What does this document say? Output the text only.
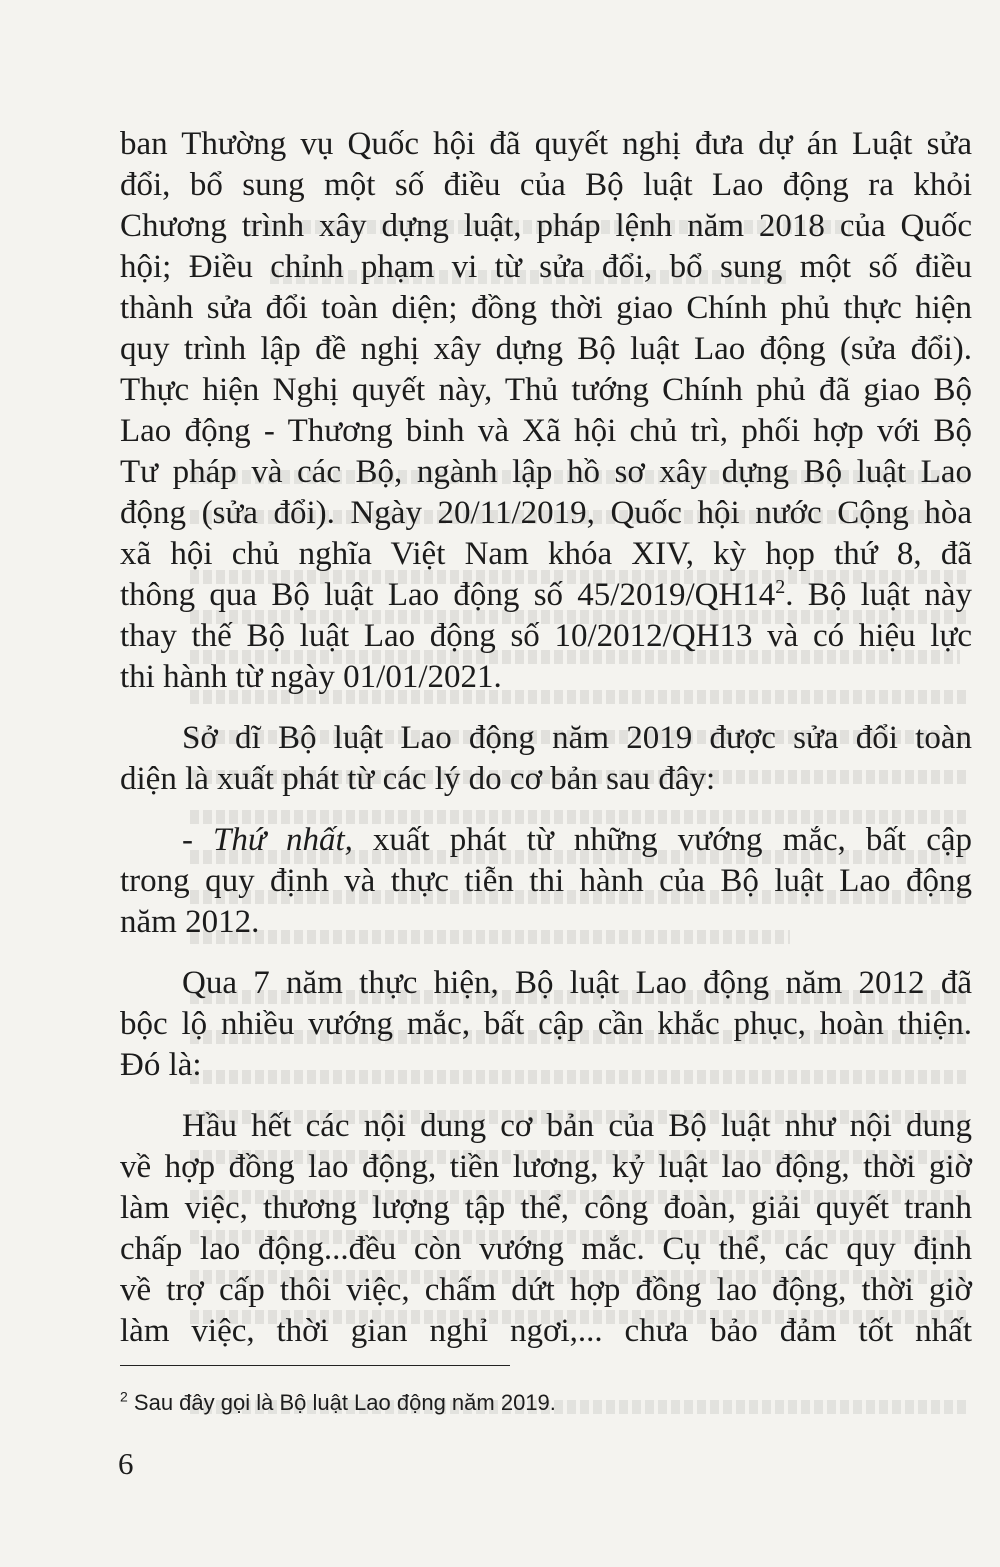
ban Thường vụ Quốc hội đã quyết nghị đưa dự án Luật sửa
đổi, bổ sung một số điều của Bộ luật Lao động ra khỏi
Chương trình xây dựng luật, pháp lệnh năm 2018 của Quốc
hội; Điều chỉnh phạm vi từ sửa đổi, bổ sung một số điều
thành sửa đổi toàn diện; đồng thời giao Chính phủ thực hiện
quy trình lập đề nghị xây dựng Bộ luật Lao động (sửa đổi).
Thực hiện Nghị quyết này, Thủ tướng Chính phủ đã giao Bộ
Lao động - Thương binh và Xã hội chủ trì, phối hợp với Bộ
Tư pháp và các Bộ, ngành lập hồ sơ xây dựng Bộ luật Lao
động (sửa đổi). Ngày 20/11/2019, Quốc hội nước Cộng hòa
xã hội chủ nghĩa Việt Nam khóa XIV, kỳ họp thứ 8, đã
thông qua Bộ luật Lao động số $45/2019/QH14^2$. Bộ luật này
thay thế Bộ luật Lao động số 10/2012/QH13 và có hiệu lực
thi hành từ ngày 01/01/2021.
Sở dĩ Bộ luật Lao động năm 2019 được sửa đổi toàn
diện là xuất phát từ các lý do cơ bản sau đây:
- Thứ nhất, xuất phát từ những vướng mắc, bất cập
trong quy định và thực tiễn thi hành của Bộ luật Lao động
năm 2012.
Qua 7 năm thực hiện, Bộ luật Lao động năm 2012 đã
bộc lộ nhiều vướng mắc, bất cập cần khắc phục, hoàn thiện.
Đó là:
Hầu hết các nội dung cơ bản của Bộ luật như nội dung
về hợp đồng lao động, tiền lương, kỷ luật lao động, thời giờ
làm việc, thương lượng tập thể, công đoàn, giải quyết tranh
chấp lao động...đều còn vướng mắc. Cụ thể, các quy định
về trợ cấp thôi việc, chấm dứt hợp đồng lao động, thời giờ
làm việc, thời gian nghỉ ngơi,... chưa bảo đảm tốt nhất
$^2$ Sau đây gọi là Bộ luật Lao động năm 2019.
6
